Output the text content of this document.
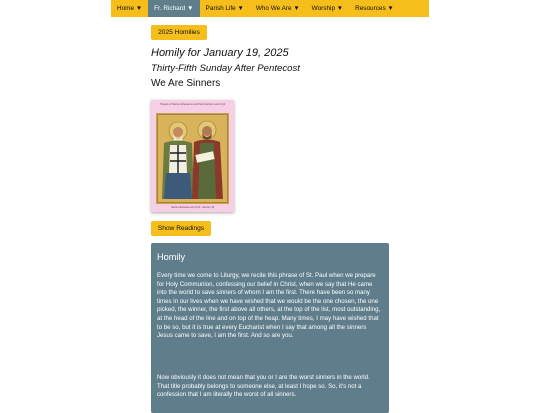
Home ▼	Fr. Richard ▼	Parish Life ▼	Who We Are ▼	Worship ▼	Resources ▼
2025 Homilies
Homily for January 19, 2025
Thirty-Fifth Sunday After Pentecost
We Are Sinners
Tropars of Saints Athanasius and Saint Ephrem and Cyril
Saints Athanasius and Cyril • January 18
Show Readings
Homily

Every time we come to Liturgy, we recite this phrase of St. Paul when we prepare for Holy Communion, confessing our belief in Christ, when we say that He came into the world to save sinners of whom I am the first. There have been so many times in our lives when we have wished that we would be the one chosen, the one picked, the winner, the first above all others, at the top of the list, most outstanding, at the head of the line and on top of the heap. Many times, I may have wished that to be so, but it is true at every Eucharist when I say that among all the sinners Jesus came to save, I am the first. And so are you.

Now obviously it does not mean that you or I are the worst sinners in the world. That title probably belongs to someone else, at least I hope so. So, it's not a confession that I am literally the worst of all sinners.
